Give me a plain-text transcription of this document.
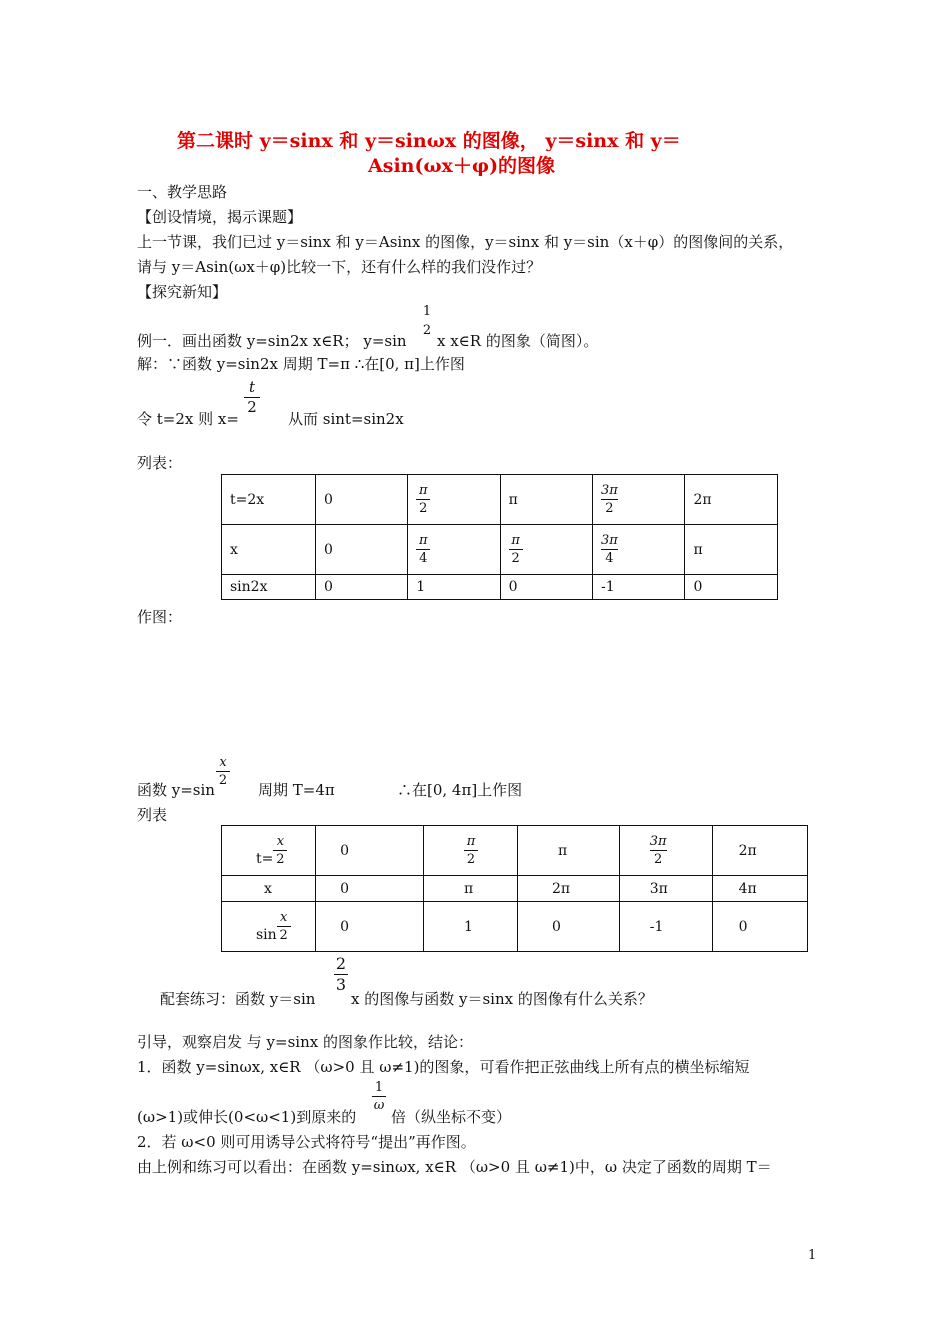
第二课时 y＝sinx 和 y＝sinωx 的图像， y＝sinx 和 y＝
Asin(ωx＋φ)的图像
一、教学思路
【创设情境，揭示课题】
上一节课，我们已过 y＝sinx 和 y＝Asinx 的图像，y＝sinx 和 y＝sin（x＋φ）的图像间的关系，
请与 y＝Asin(ωx＋φ)比较一下，还有什么样的我们没作过？
【探究新知】
例一．画出函数 y=sin2x x∈R； y=sin
1
2
x x∈R 的图象（简图）。
解：∵函数 y=sin2x 周期 T=π ∴在[0, π]上作图
令 t=2x 则 x=
t
2
从而 sint=sin2x
列表：
t=2x	0	$\frac{\pi}{2}$	π	$\frac{3\pi}{2}$	2π
x	0	$\frac{\pi}{4}$	$\frac{\pi}{2}$	$\frac{3\pi}{4}$	π
sin2x	0	1	0	-1	0
作图：
函数 y=sin
x
2
周期 T=4π	∴在[0, 4π]上作图
列表
$t= \frac{x}{2}$	0	$\frac{\pi}{2}$	π	$\frac{3\pi}{2}$	2π
x	0	π	2π	3π	4π
$\sin \frac{x}{2}$	0	1	0	-1	0
配套练习：函数 y＝sin
2
3
x 的图像与函数 y＝sinx 的图像有什么关系？
引导，观察启发 与 y=sinx 的图象作比较，结论：
1．函数 y=sinωx, x∈R （ω>0 且 ω≠1)的图象，可看作把正弦曲线上所有点的横坐标缩短
(ω>1)或伸长(0<ω<1)到原来的
1
ω
倍（纵坐标不变）
2．若 ω<0 则可用诱导公式将符号“提出”再作图。
由上例和练习可以看出：在函数 y=sinωx, x∈R （ω>0 且 ω≠1)中，ω 决定了函数的周期 T＝
1
